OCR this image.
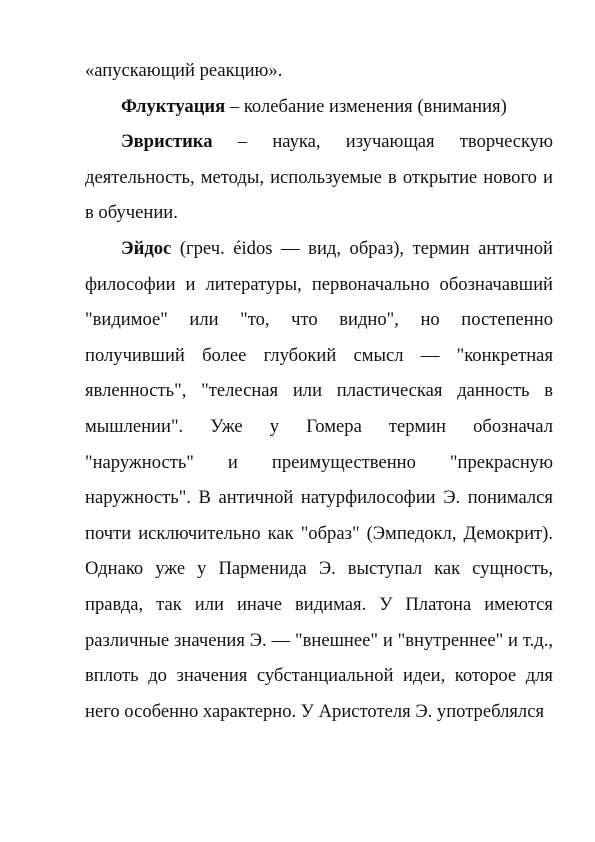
«апускающий реакцию».

Флуктуация – колебание изменения (внимания)

Эвристика – наука, изучающая творческую деятельность, методы, используемые в открытие нового и в обучении.

Эйдос (греч. éidos — вид, образ), термин античной философии и литературы, первоначально обозначавший "видимое" или "то, что видно", но постепенно получивший более глубокий смысл — "конкретная явленность", "телесная или пластическая данность в мышлении". Уже у Гомера термин обозначал "наружность" и преимущественно "прекрасную наружность". В античной натурфилософии Э. понимался почти исключительно как "образ" (Эмпедокл, Демокрит). Однако уже у Парменида Э. выступал как сущность, правда, так или иначе видимая. У Платона имеются различные значения Э. — "внешнее" и "внутреннее" и т.д., вплоть до значения субстанциальной идеи, которое для него особенно характерно. У Аристотеля Э. употреблялся
